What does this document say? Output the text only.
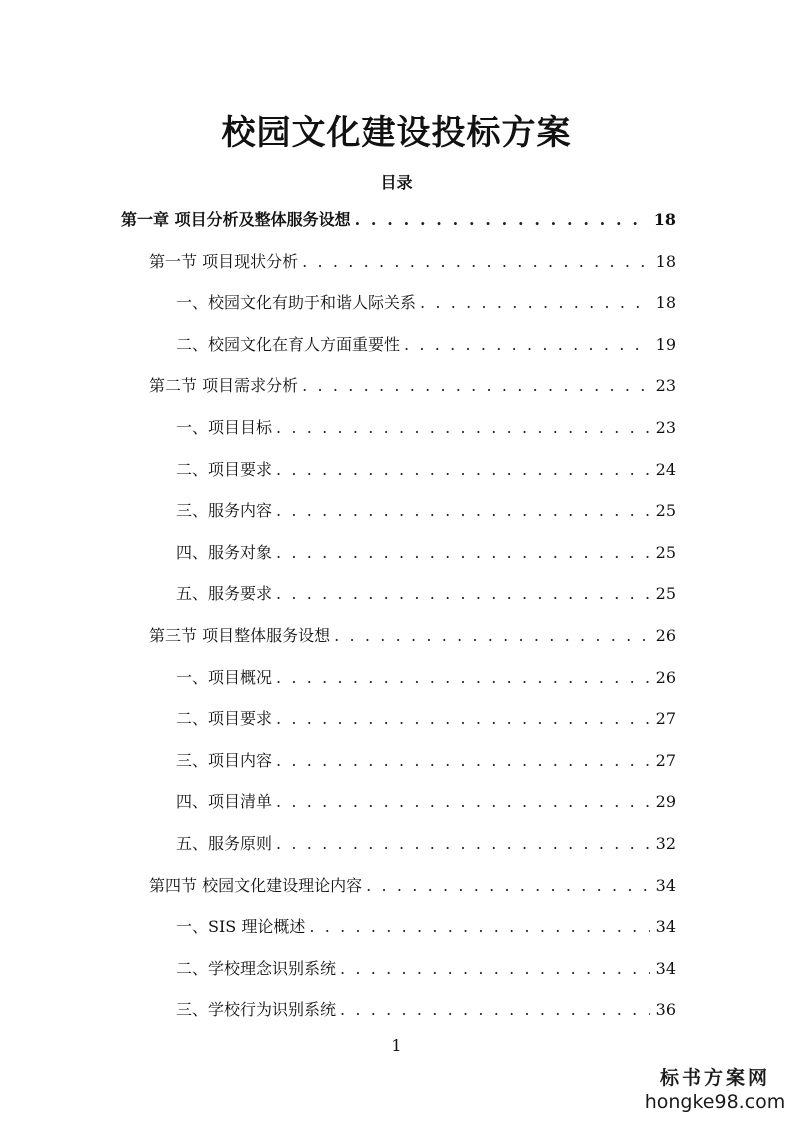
校园文化建设投标方案
目录
第一章 项目分析及整体服务设想 . . .	18
第一节 项目现状分析 . . .	18
一、校园文化有助于和谐人际关系 . . .	18
二、校园文化在育人方面重要性 . . .	19
第二节 项目需求分析 . . .	23
一、项目目标 . . .	23
二、项目要求 . . .	24
三、服务内容 . . .	25
四、服务对象 . . .	25
五、服务要求 . . .	25
第三节 项目整体服务设想 . . .	26
一、项目概况 . . .	26
二、项目要求 . . .	27
三、项目内容 . . .	27
四、项目清单 . . .	29
五、服务原则 . . .	32
第四节 校园文化建设理论内容 . . .	34
一、SIS 理论概述 . . .	34
二、学校理念识别系统 . . .	34
三、学校行为识别系统 . . .	36
1
标书方案网
hongke98.com
